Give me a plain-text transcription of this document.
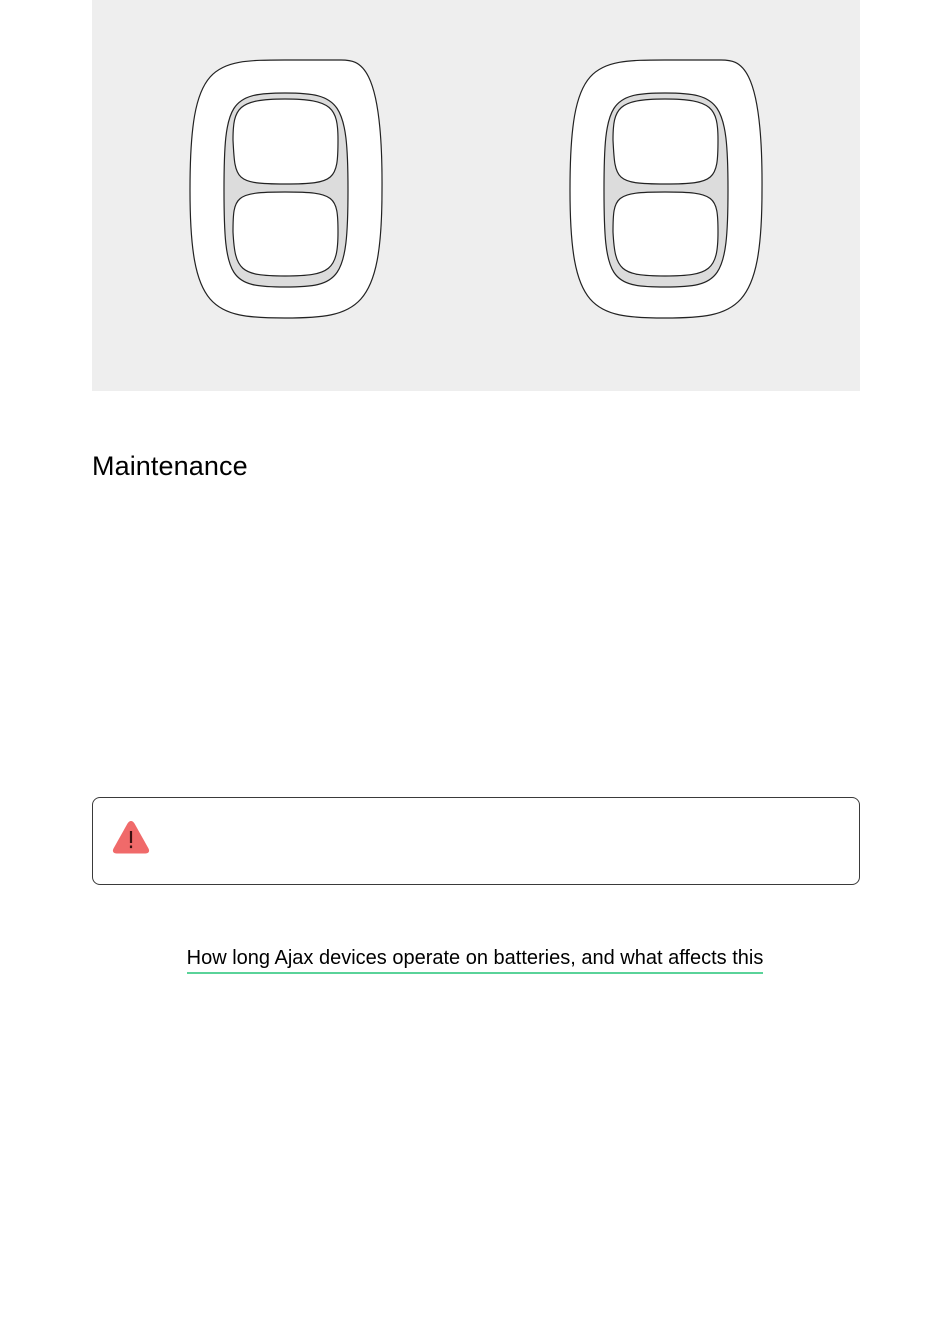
Maintenance
How long Ajax devices operate on batteries, and what affects this
